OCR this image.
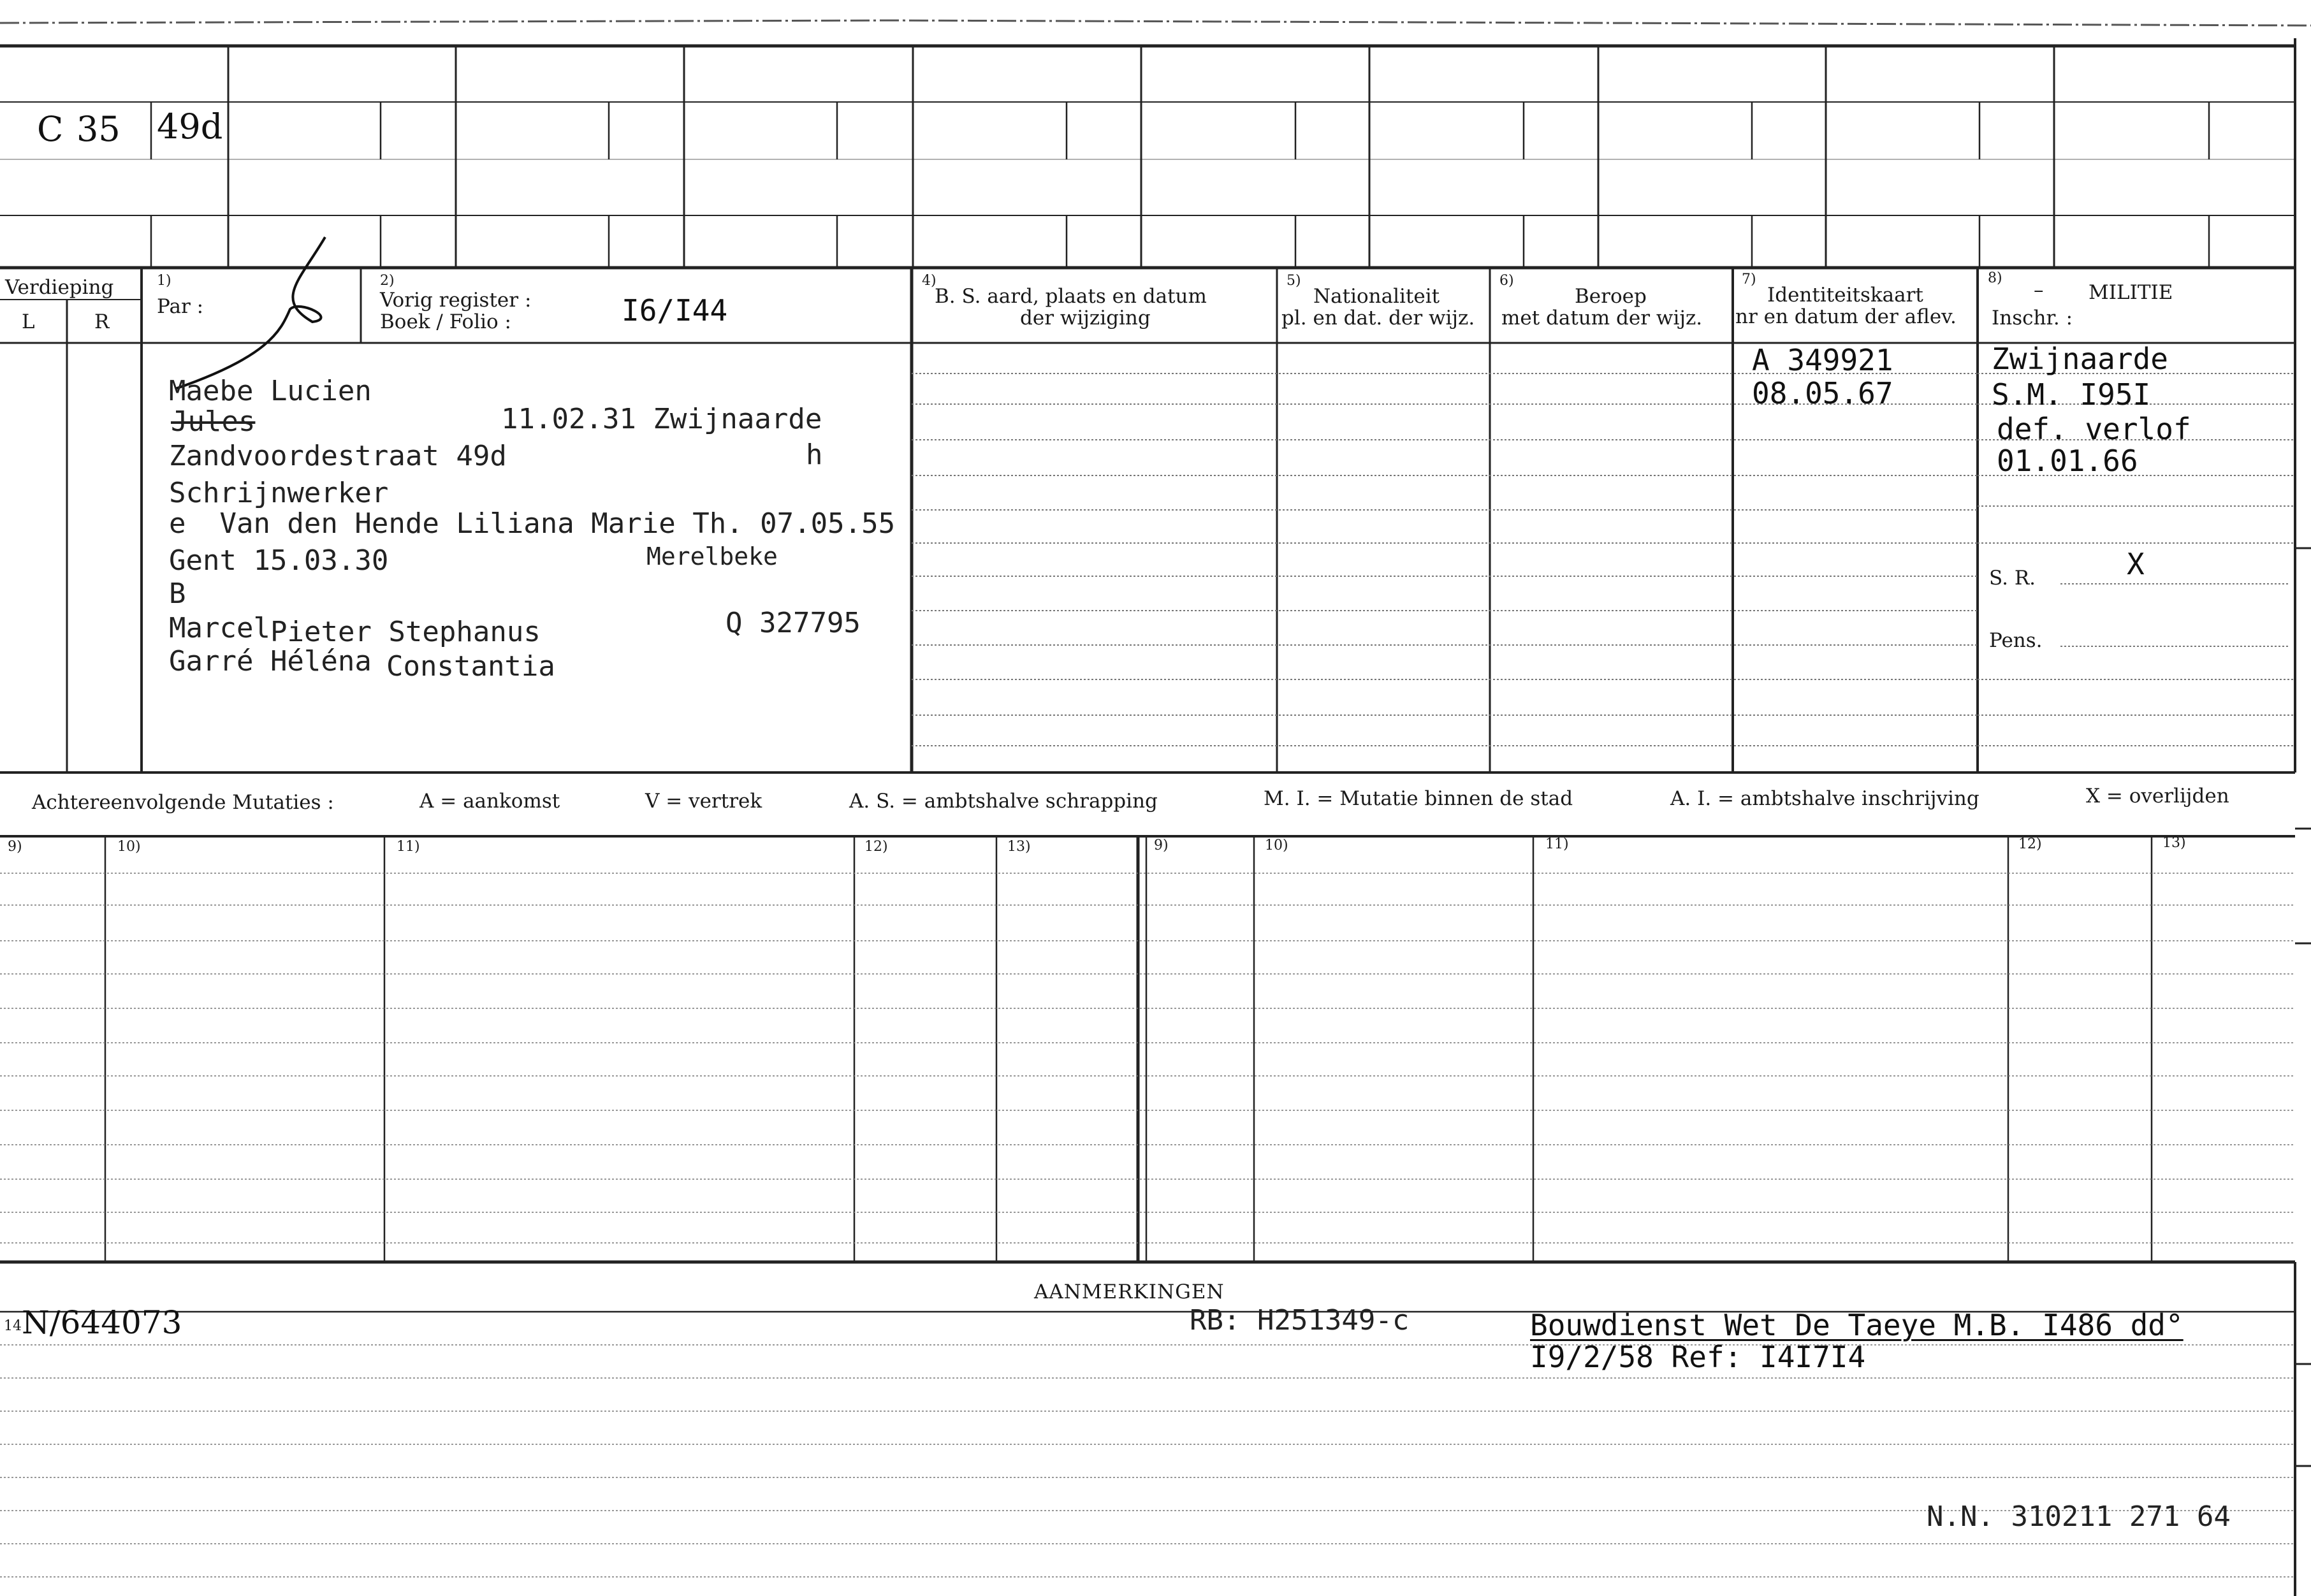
C 35 49d
Verdieping
L	R
1)
Par :
2)
Vorig register :
Boek / Folio :	I6/I44
4)
B. S. aard, plaats en datum
der wijziging
5)
Nationaliteit
pl. en dat. der wijz.
6)
Beroep
met datum der wijz.
7)
Identiteitskaart
nr en datum der aflev.
8)
– MILITIE
Inschr. :
Maebe Lucien
Jules	11.02.31 Zwijnaarde
Zandvoordestraat 49d	h
Schrijnwerker
e  Van den Hende Liliana Marie Th. 07.05.55
Gent 15.03.30	Merelbeke
B
Marcel Pieter Stephanus	Q 327795
Garré Héléna Constantia
A 349921
08.05.67
Zwijnaarde
S.M. I95I
def. verlof
01.01.66
S. R.	X
Pens.
Achtereenvolgende Mutaties :	A = aankomst	V = vertrek	A. S. = ambtshalve schrapping	M. I. = Mutatie binnen de stad	A. I. = ambtshalve inschrijving	X = overlijden
9)	10)	11)	12)	13)	9)	10)	11)	12)	13)
AANMERKINGEN
14 N/644073	RB: H251349-c	Bouwdienst Wet De Taeye M.B. I486 dd°
I9/2/58 Ref: I4I7I4
N.N. 310211 271 64
